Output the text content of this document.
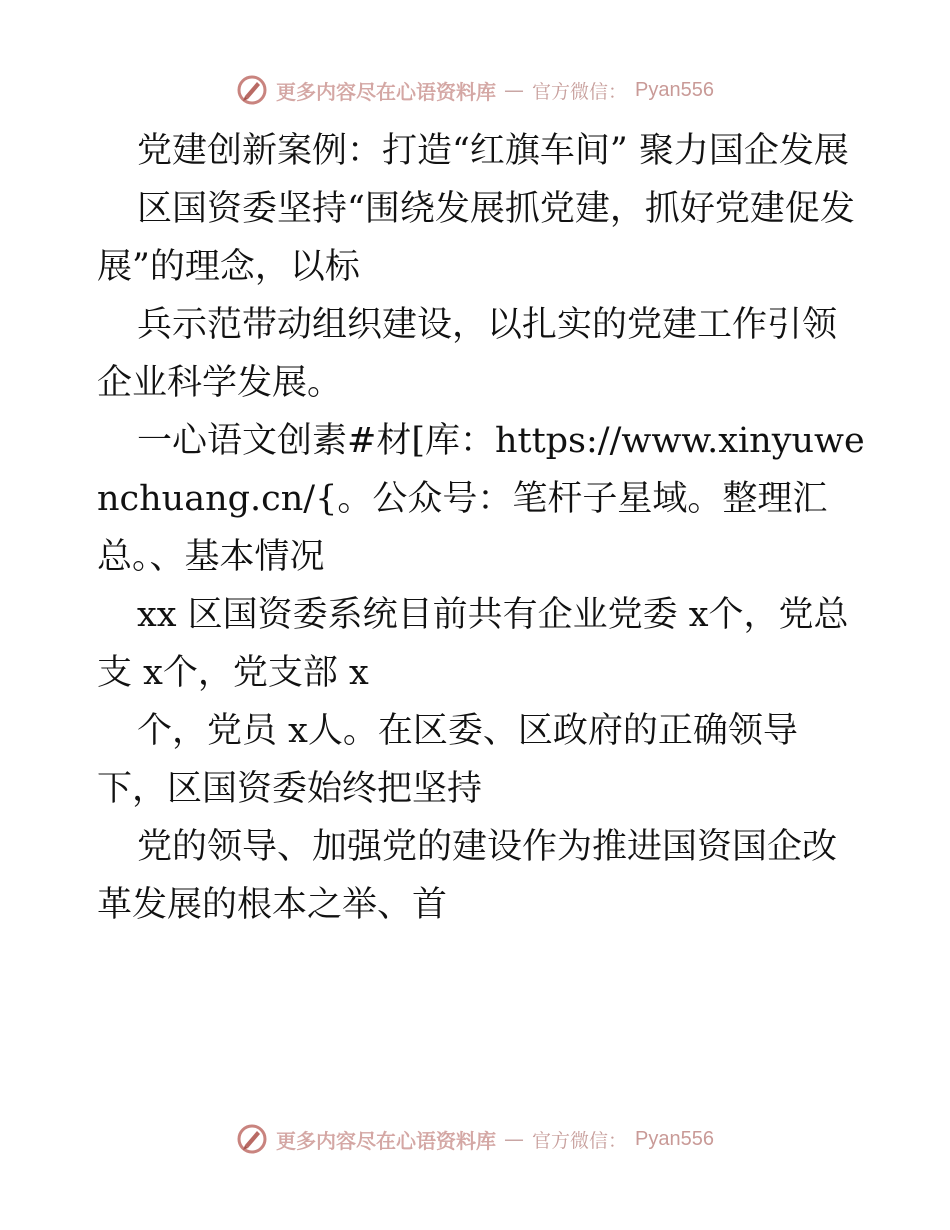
更多内容尽在心语资料库 — 官方微信： Pyan556

党建创新案例：打造“红旗车间” 聚力国企发展

区国资委坚持“围绕发展抓党建，抓好党建促发展”的理念，以标

兵示范带动组织建设，以扎实的党建工作引领企业科学发展。

一心语文创素#材[库：https://www.xinyuwenchuang.cn/{。公众号：笔杆子星域。整理汇总。、基本情况

xx 区国资委系统目前共有企业党委 x个，党总支 x个，党支部 x

个，党员 x人。在区委、区政府的正确领导下，区国资委始终把坚持

党的领导、加强党的建设作为推进国资国企改革发展的根本之举、首

更多内容尽在心语资料库 — 官方微信： Pyan556
